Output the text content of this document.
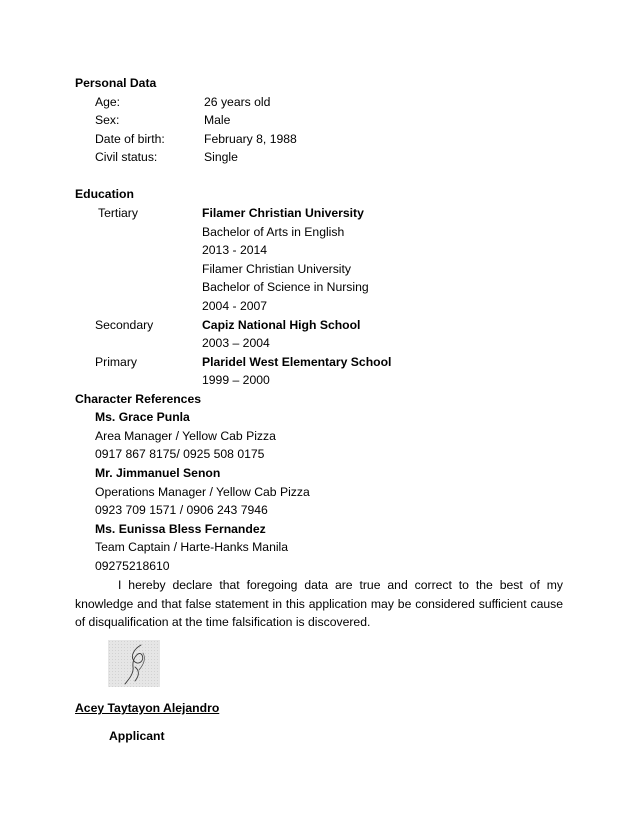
Personal Data
Age:	26 years old
Sex:	Male
Date of birth:	February 8, 1988
Civil status:	Single
Education
Tertiary	Filamer Christian University
Bachelor of Arts in English
2013 - 2014
Filamer Christian University
Bachelor of Science in Nursing
2004 - 2007
Secondary	Capiz National High School
2003 – 2004
Primary	Plaridel West Elementary School
1999 – 2000
Character References
Ms. Grace Punla
Area Manager / Yellow Cab Pizza
0917 867 8175/ 0925 508 0175
Mr. Jimmanuel Senon
Operations Manager / Yellow Cab Pizza
0923 709 1571 / 0906 243 7946
Ms. Eunissa Bless Fernandez
Team Captain / Harte-Hanks Manila
09275218610
I hereby declare that foregoing data are true and correct to the best of my knowledge and that false statement in this application may be considered sufficient cause of disqualification at the time falsification is discovered.
Acey Taytayon Alejandro
Applicant
